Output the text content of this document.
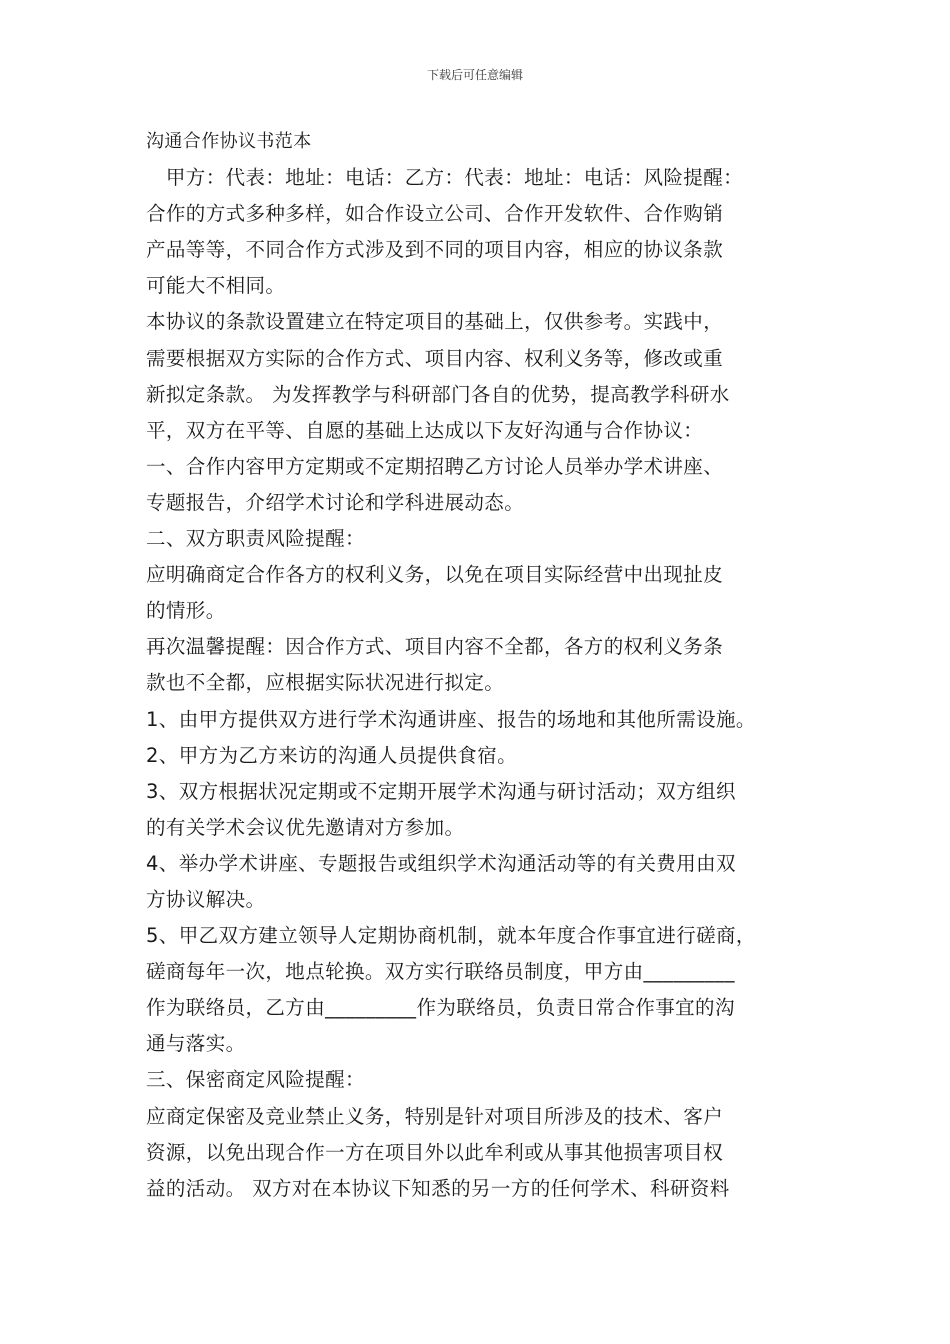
下载后可任意编辑
沟通合作协议书范本
　甲方：代表：地址：电话：乙方：代表：地址：电话：风险提醒：
合作的方式多种多样，如合作设立公司、合作开发软件、合作购销
产品等等，不同合作方式涉及到不同的项目内容，相应的协议条款
可能大不相同。
本协议的条款设置建立在特定项目的基础上，仅供参考。实践中，
需要根据双方实际的合作方式、项目内容、权利义务等，修改或重
新拟定条款。 为发挥教学与科研部门各自的优势，提高教学科研水
平，双方在平等、自愿的基础上达成以下友好沟通与合作协议：
一、合作内容甲方定期或不定期招聘乙方讨论人员举办学术讲座、
专题报告，介绍学术讨论和学科进展动态。
二、双方职责风险提醒：
应明确商定合作各方的权利义务，以免在项目实际经营中出现扯皮
的情形。
再次温馨提醒：因合作方式、项目内容不全都，各方的权利义务条
款也不全都，应根据实际状况进行拟定。
1、由甲方提供双方进行学术沟通讲座、报告的场地和其他所需设施。
2、甲方为乙方来访的沟通人员提供食宿。
3、双方根据状况定期或不定期开展学术沟通与研讨活动；双方组织
的有关学术会议优先邀请对方参加。
4、举办学术讲座、专题报告或组织学术沟通活动等的有关费用由双
方协议解决。
5、甲乙双方建立领导人定期协商机制，就本年度合作事宜进行磋商，
磋商每年一次，地点轮换。双方实行联络员制度，甲方由_________
作为联络员，乙方由_________作为联络员，负责日常合作事宜的沟
通与落实。
三、保密商定风险提醒：
应商定保密及竞业禁止义务，特别是针对项目所涉及的技术、客户
资源，以免出现合作一方在项目外以此牟利或从事其他损害项目权
益的活动。 双方对在本协议下知悉的另一方的任何学术、科研资料
